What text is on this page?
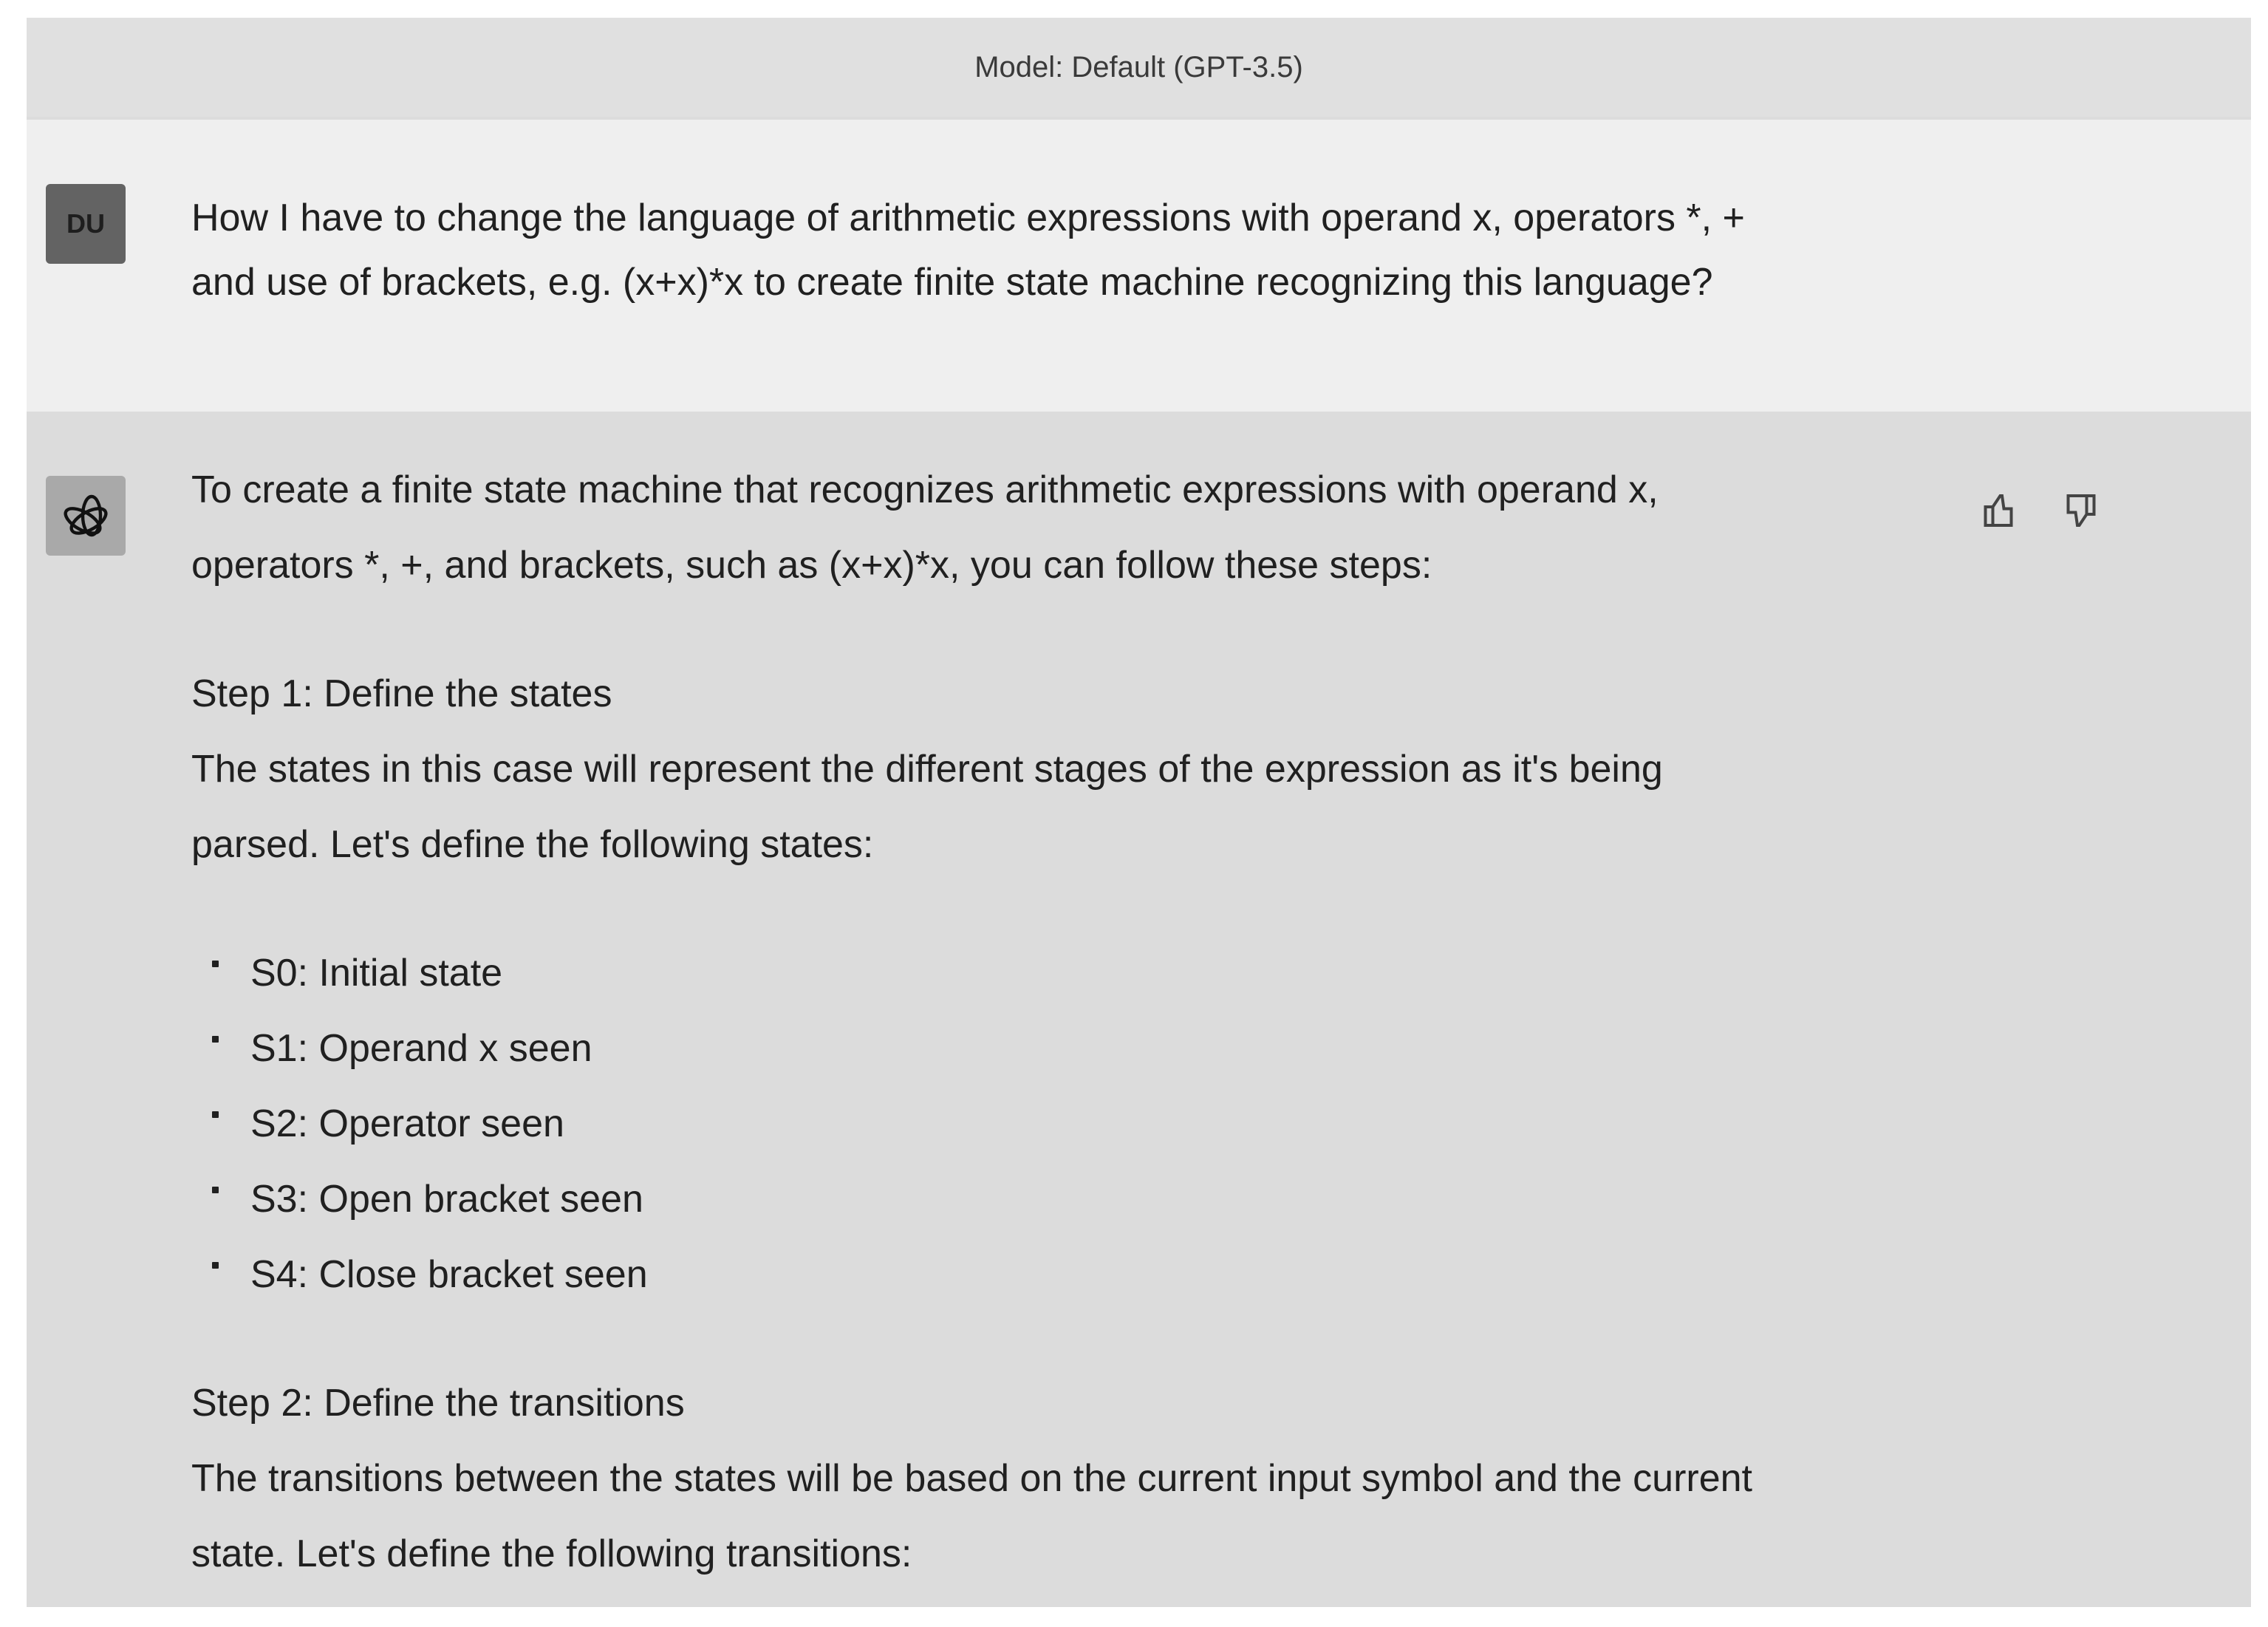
Model: Default (GPT-3.5)
DU How I have to change the language of arithmetic expressions with operand x, operators *, +
and use of brackets, e.g. (x+x)*x to create finite state machine recognizing this language?
To create a finite state machine that recognizes arithmetic expressions with operand x,
operators *, +, and brackets, such as (x+x)*x, you can follow these steps:
Step 1: Define the states
The states in this case will represent the different stages of the expression as it's being
parsed. Let's define the following states:
S0: Initial state
S1: Operand x seen
S2: Operator seen
S3: Open bracket seen
S4: Close bracket seen
Step 2: Define the transitions
The transitions between the states will be based on the current input symbol and the current
state. Let's define the following transitions:
